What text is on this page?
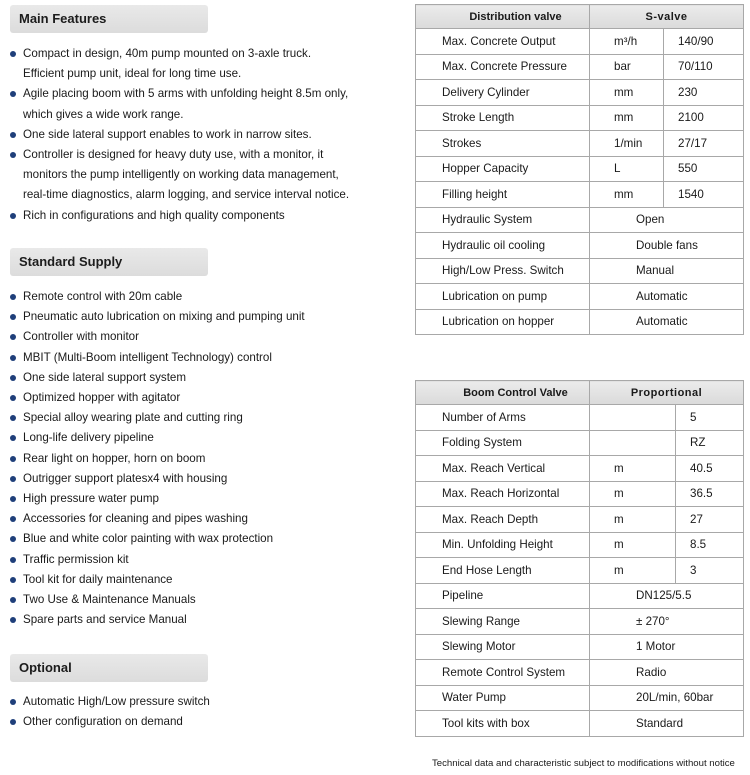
Main Features
Compact in design, 40m pump mounted on 3-axle truck.
Efficient pump unit, ideal for long time use.
Agile placing boom with 5 arms with unfolding height 8.5m only,
which gives a wide work range.
One side lateral support enables to work in narrow sites.
Controller is designed for heavy duty use, with a monitor, it
monitors the pump intelligently on working data management,
real-time diagnostics, alarm logging, and service interval notice.
Rich in configurations and high quality components
Standard Supply
Remote control with 20m cable
Pneumatic auto lubrication on mixing and pumping unit
Controller with monitor
MBIT (Multi-Boom intelligent Technology) control
One side lateral support system
Optimized hopper with agitator
Special alloy wearing plate and cutting ring
Long-life delivery pipeline
Rear light on hopper, horn on boom
Outrigger support platesx4 with housing
High pressure water pump
Accessories for cleaning and pipes washing
Blue and white color painting with wax protection
Traffic permission kit
Tool kit for daily maintenance
Two Use & Maintenance Manuals
Spare parts and service Manual
Optional
Automatic High/Low pressure switch
Other configuration on demand
Distribution valve	S-valve	
Max. Concrete Output	m³/h	140/90
Max. Concrete Pressure	bar	70/110
Delivery Cylinder	mm	230
Stroke Length	mm	2100
Strokes	1/min	27/17
Hopper Capacity	L	550
Filling height	mm	1540
Hydraulic System	Open	
Hydraulic oil cooling	Double fans	
High/Low Press. Switch	Manual	
Lubrication on pump	Automatic	
Lubrication on hopper	Automatic	
Boom Control Valve	Proportional	
Number of Arms		5
Folding System		RZ
Max. Reach Vertical	m	40.5
Max. Reach Horizontal	m	36.5
Max. Reach Depth	m	27
Min. Unfolding Height	m	8.5
End Hose Length	m	3
Pipeline	DN125/5.5	
Slewing Range	± 270°	
Slewing Motor	1 Motor	
Remote Control System	Radio	
Water Pump	20L/min, 60bar	
Tool kits with box	Standard	
Technical data and characteristic subject to modifications without notice
